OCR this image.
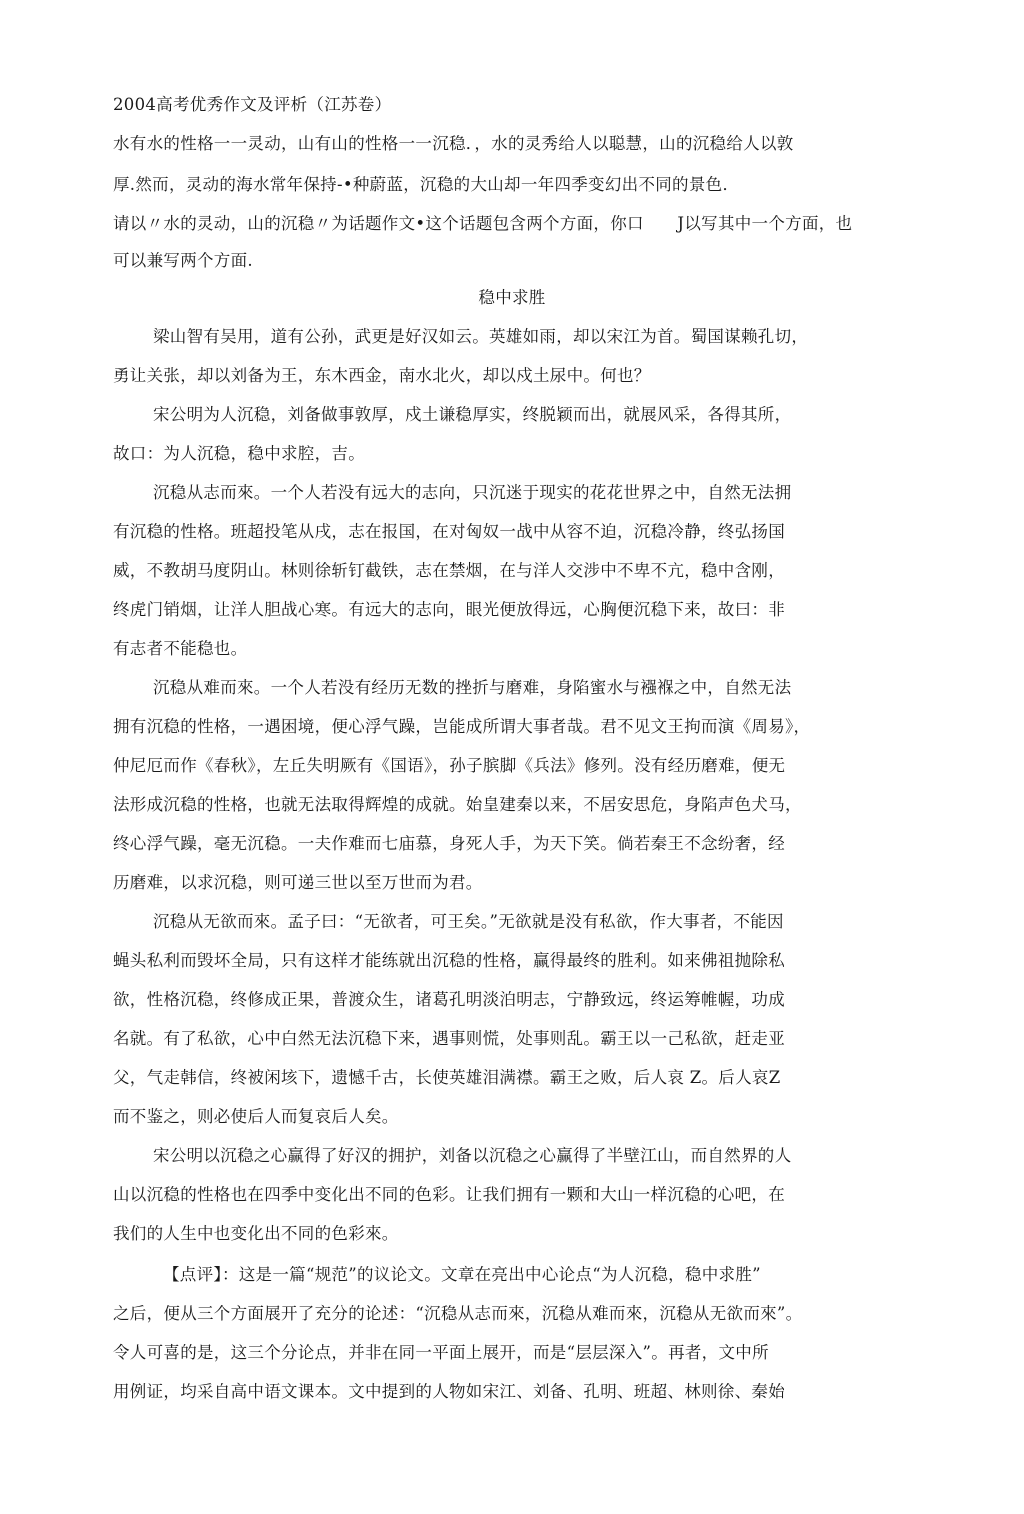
2004高考优秀作文及评析（江苏卷）
水有水的性格一一灵动，山有山的性格一一沉稳．，水的灵秀给人以聪慧，山的沉稳给人以敦
厚.然而，灵动的海水常年保持-•种蔚蓝，沉稳的大山却一年四季变幻出不同的景色．
请以〃水的灵动，山的沉稳〃为话题作文•这个话题包含两个方面，你口　　J以写其中一个方面，也
可以兼写两个方面.
稳中求胜
梁山智有吴用，道有公孙，武更是好汉如云。英雄如雨，却以宋江为首。蜀国谋赖孔切，
勇让关张，却以刘备为王，东木西金，南水北火，却以戍土尿中。何也？
宋公明为人沉稳，刘备做事敦厚，戍土谦稳厚实，终脱颖而出，就展风采，各得其所，
故口：为人沉稳，稳中求腔，吉。
沉稳从志而來。一个人若没有远大的志向，只沉迷于现实的花花世界之中，自然无法拥
有沉稳的性格。班超投笔从戌，志在报国，在对匈奴一战中从容不迫，沉稳冷静，终弘扬国
威，不教胡马度阴山。林则徐斩钉截铁，志在禁烟，在与洋人交涉中不卑不亢，稳中含刚，
终虎门销烟，让洋人胆战心寒。有远大的志向，眼光便放得远，心胸便沉稳下来，故曰：非
有志者不能稳也。
沉稳从难而來。一个人若没有经历无数的挫折与磨难，身陷蜜水与襁褓之中，自然无法
拥有沉稳的性格，一遇困境，便心浮气躁，岂能成所谓大事者哉。君不见文王拘而演《周易》，
仲尼厄而作《春秋》，左丘失明厥有《国语》，孙子膑脚《兵法》修列。没有经历磨难，便无
法形成沉稳的性格，也就无法取得辉煌的成就。始皇建秦以来，不居安思危，身陷声色犬马，
终心浮气躁，毫无沉稳。一夫作难而七庙慕，身死人手，为天下笑。倘若秦王不念纷奢，经
历磨难，以求沉稳，则可递三世以至万世而为君。
沉稳从无欲而來。孟子曰：“无欲者，可王矣。”无欲就是没有私欲，作大事者，不能因
蝇头私利而毁坏全局，只有这样才能练就出沉稳的性格，赢得最终的胜利。如来佛祖抛除私
欲，性格沉稳，终修成正果，普渡众生，诸葛孔明淡泊明志，宁静致远，终运筹帷幄，功成
名就。有了私欲，心中白然无法沉稳下来，遇事则慌，处事则乱。霸王以一己私欲，赶走亚
父，气走韩信，终被闲垓下，遗憾千古，长使英雄泪满襟。霸王之败，后人哀 Z。后人哀Z
而不鉴之，则必使后人而复哀后人矣。
宋公明以沉稳之心赢得了好汉的拥护，刘备以沉稳之心赢得了半壁江山，而自然界的人
山以沉稳的性格也在四季中变化出不同的色彩。让我们拥有一颗和大山一样沉稳的心吧，在
我们的人生中也变化出不同的色彩來。
【点评】：这是一篇“规范”的议论文。文章在亮出中心论点“为人沉稳，稳中求胜”
之后，便从三个方面展开了充分的论述：“沉稳从志而來，沉稳从难而來，沉稳从无欲而來”。
令人可喜的是，这三个分论点，并非在同一平面上展开，而是“层层深入”。再者，文中所
用例证，均采自高中语文课本。文中提到的人物如宋江、刘备、孔明、班超、林则徐、秦始
